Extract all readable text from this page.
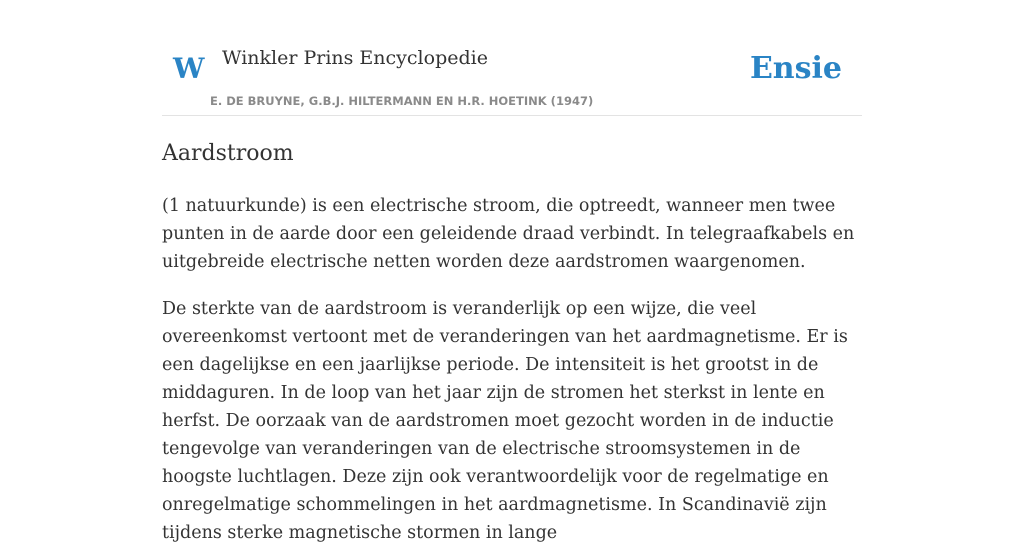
W Winkler Prins Encyclopedie
E. DE BRUYNE, G.B.J. HILTERMANN EN H.R. HOETINK (1947)
Ensie
Aardstroom

(1 natuurkunde) is een electrische stroom, die optreedt, wanneer men twee punten in de aarde door een geleidende draad verbindt. In telegraafkabels en uitgebreide electrische netten worden deze aardstromen waargenomen.

De sterkte van de aardstroom is veranderlijk op een wijze, die veel overeenkomst vertoont met de veranderingen van het aardmagnetisme. Er is een dagelijkse en een jaarlijkse periode. De intensiteit is het grootst in de middaguren. In de loop van het jaar zijn de stromen het sterkst in lente en herfst. De oorzaak van de aardstromen moet gezocht worden in de inductie tengevolge van veranderingen van de electrische stroomsystemen in de hoogste luchtlagen. Deze zijn ook verantwoordelijk voor de regelmatige en onregelmatige schommelingen in het aardmagnetisme. In Scandinavië zijn tijdens sterke magnetische stormen in lange
